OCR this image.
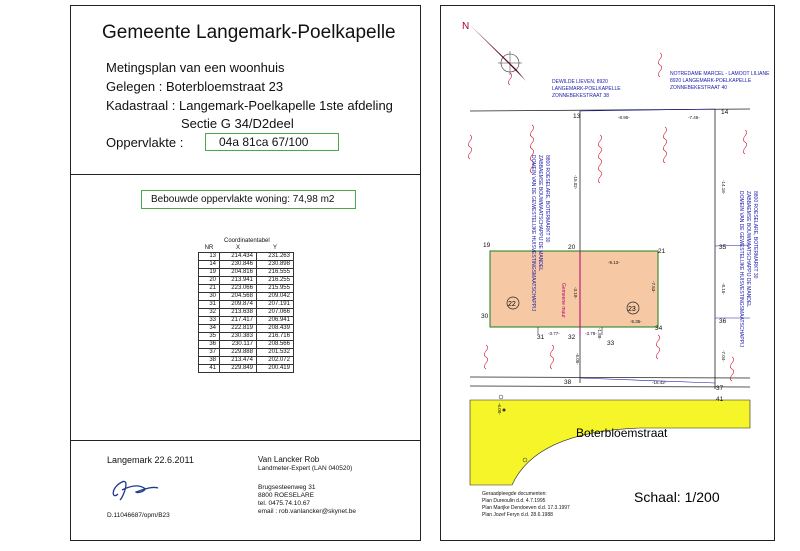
Gemeente Langemark-Poelkapelle
Metingsplan van een woonhuis
Gelegen : Boterbloemstraat 23
Kadastraal : Langemark-Poelkapelle 1ste afdeling
Sectie G 34/D2deel
Oppervlakte :	04a 81ca 67/100
Bebouwde oppervlakte woning: 74,98 m2
Coordinatentabel
NR	X	Y
13	214.434	231.263
14	230.846	230.898
19	204.816	216.555
20	213.941	216.255
21	223.066	215.955
30	204.568	209.042
31	209.874	207.191
32	213.638	207.066
33	217.417	206.941
34	222.819	208.439
35	230.383	216.716
36	230.117	208.566
37	229.888	201.532
38	213.474	202.072
41	229.849	200.419
Langemark 22.6.2011
D.11046687/opm/B23
Van Lancker Rob
Landmeter-Expert (LAN 040520)
Brugsesteenweg 31
8800 ROESELARE
tel. 0475.74.10.67
email : rob.vanlancker@skynet.be
N
Boterbloemstraat
22
23
Gemeene muur
DEWILDE LIEVEN, 8920
LANGEMARK-POELKAPELLE
ZONNEBEKESTRAAT 38
NOTREDAME MARCEL - LAMOOT LILIANE
8920 LANGEMARK-POELKAPELLE
ZONNEBEKESTRAAT 40
DOMEIN VAN DE GEWESTELIJKE HUISVESTINGSMAATSCHAPPIJ ZABBAEMSE BOUWMAATSCHAPPIJ DE MANDEL 8800 ROESELARE, BOTERMARKT 30	DOMEIN VAN DE GEWESTELIJKE HUISVESTINGSMAATSCHAPPIJ ZABBAEMSE BOUWMAATSCHAPPIJ DE MANDEL 8800 ROESELARE, BOTERMARKT 30
13
14
19	20
21
30
31	32
33
34
35
36
37
38
41
-8.95-	-7.46-
-15.02-
-9.13-
-7.53-
-3.10-
-3.77-	-3.78-
-5.35-
-1.88-
-6.05-
-14.18-
-8.15-
-7.04-
-16.42-
-6.00-
Geraadpleegde documenten:
Plan Dureoulin d.d. 4.7.1995
Plan Marijke Dendoeven d.d. 17.3.1997
Plan Jozef Feryn d.d. 28.6.1988
Schaal: 1/200
